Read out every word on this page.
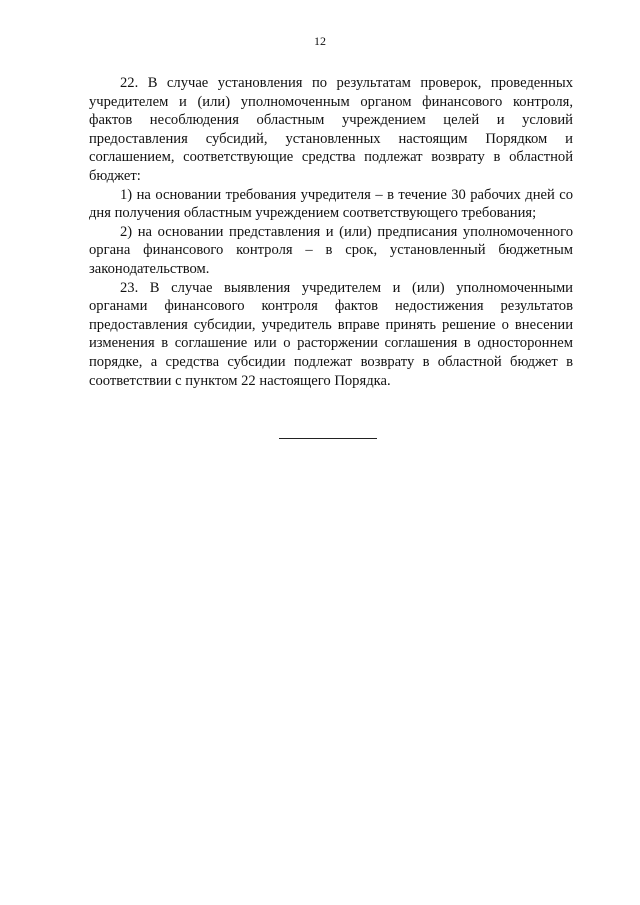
12

22. В случае установления по результатам проверок, проведенных учредителем и (или) уполномоченным органом финансового контроля, фактов несоблюдения областным учреждением целей и условий предоставления субсидий, установленных настоящим Порядком и соглашением, соответствующие средства подлежат возврату в областной бюджет:

1) на основании требования учредителя – в течение 30 рабочих дней со дня получения областным учреждением соответствующего требования;

2) на основании представления и (или) предписания уполномоченного органа финансового контроля – в срок, установленный бюджетным законодательством.

23. В случае выявления учредителем и (или) уполномоченными органами финансового контроля фактов недостижения результатов предоставления субсидии, учредитель вправе принять решение о внесении изменения в соглашение или о расторжении соглашения в одностороннем порядке, а средства субсидии подлежат возврату в областной бюджет в соответствии с пунктом 22 настоящего Порядка.
